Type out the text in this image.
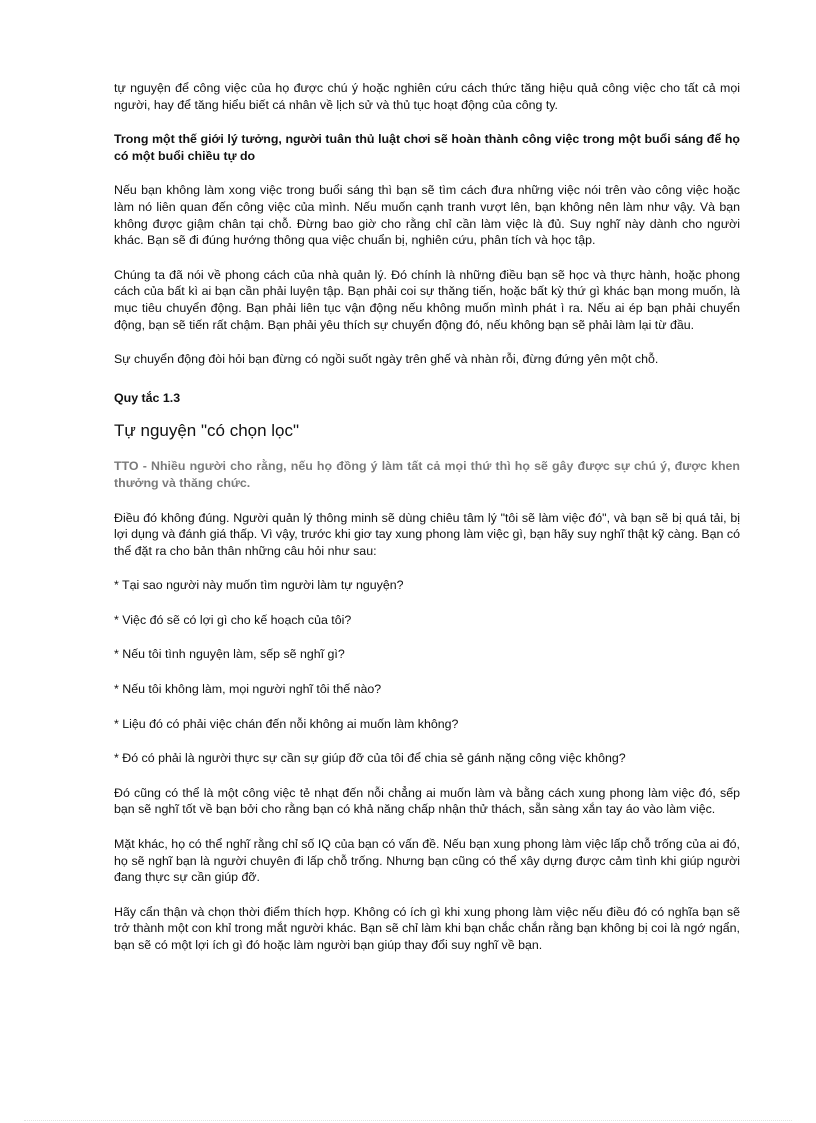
tự nguyện để công việc của họ được chú ý hoặc nghiên cứu cách thức tăng hiệu quả công việc cho tất cả mọi người, hay để tăng hiểu biết cá nhân về lịch sử và thủ tục hoạt động của công ty.

Trong một thế giới lý tưởng, người tuân thủ luật chơi sẽ hoàn thành công việc trong một buổi sáng để họ có một buổi chiều tự do

Nếu bạn không làm xong việc trong buổi sáng thì bạn sẽ tìm cách đưa những việc nói trên vào công việc hoặc làm nó liên quan đến công việc của mình. Nếu muốn cạnh tranh vượt lên, bạn không nên làm như vậy. Và bạn không được giậm chân tại chỗ. Đừng bao giờ cho rằng chỉ cần làm việc là đủ. Suy nghĩ này dành cho người khác. Bạn sẽ đi đúng hướng thông qua việc chuẩn bị, nghiên cứu, phân tích và học tập.

Chúng ta đã nói về phong cách của nhà quản lý. Đó chính là những điều bạn sẽ học và thực hành, hoặc phong cách của bất kì ai bạn cần phải luyện tập. Bạn phải coi sự thăng tiến, hoặc bất kỳ thứ gì khác bạn mong muốn, là mục tiêu chuyển động. Bạn phải liên tục vận động nếu không muốn mình phát ì ra. Nếu ai ép bạn phải chuyển động, bạn sẽ tiến rất chậm. Bạn phải yêu thích sự chuyển động đó, nếu không bạn sẽ phải làm lại từ đầu.

Sự chuyển động đòi hỏi bạn đừng có ngồi suốt ngày trên ghế và nhàn rỗi, đừng đứng yên một chỗ.

Quy tắc 1.3
Tự nguyện "có chọn lọc"

TTO - Nhiều người cho rằng, nếu họ đồng ý làm tất cả mọi thứ thì họ sẽ gây được sự chú ý, được khen thưởng và thăng chức.

Điều đó không đúng. Người quản lý thông minh sẽ dùng chiêu tâm lý "tôi sẽ làm việc đó", và bạn sẽ bị quá tải, bị lợi dụng và đánh giá thấp. Vì vậy, trước khi giơ tay xung phong làm việc gì, bạn hãy suy nghĩ thật kỹ càng. Bạn có thể đặt ra cho bản thân những câu hỏi như sau:

* Tại sao người này muốn tìm người làm tự nguyện?
* Việc đó sẽ có lợi gì cho kế hoạch của tôi?
* Nếu tôi tình nguyện làm, sếp sẽ nghĩ gì?
* Nếu tôi không làm, mọi người nghĩ tôi thế nào?
* Liệu đó có phải việc chán đến nỗi không ai muốn làm không?
* Đó có phải là người thực sự cần sự giúp đỡ của tôi để chia sẻ gánh nặng công việc không?

Đó cũng có thể là một công việc tẻ nhạt đến nỗi chẳng ai muốn làm và bằng cách xung phong làm việc đó, sếp bạn sẽ nghĩ tốt về bạn bởi cho rằng bạn có khả năng chấp nhận thử thách, sẵn sàng xắn tay áo vào làm việc.

Mặt khác, họ có thể nghĩ rằng chỉ số IQ của bạn có vấn đề. Nếu bạn xung phong làm việc lấp chỗ trống của ai đó, họ sẽ nghĩ bạn là người chuyên đi lấp chỗ trống. Nhưng bạn cũng có thể xây dựng được cảm tình khi giúp người đang thực sự cần giúp đỡ.

Hãy cẩn thận và chọn thời điểm thích hợp. Không có ích gì khi xung phong làm việc nếu điều đó có nghĩa bạn sẽ trở thành một con khỉ trong mắt người khác. Bạn sẽ chỉ làm khi bạn chắc chắn rằng bạn không bị coi là ngớ ngẩn, bạn sẽ có một lợi ích gì đó hoặc làm người bạn giúp thay đổi suy nghĩ về bạn.
